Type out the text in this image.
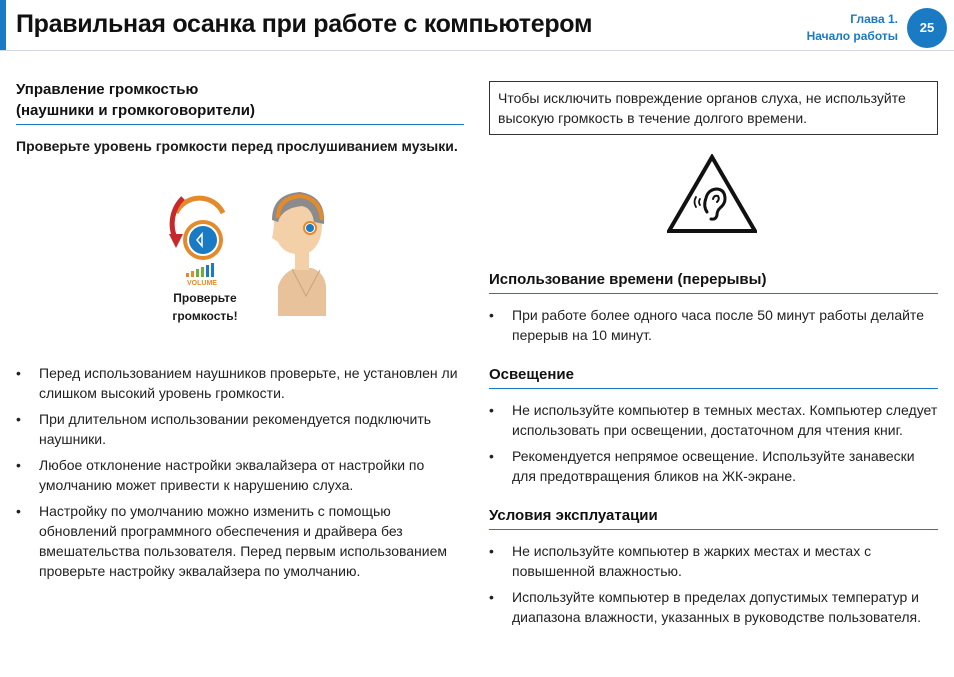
Правильная осанка при работе с компьютером	Глава 1.
Начало работы
25
Управление громкостью
(наушники и громкоговорители)

Проверьте уровень громкости перед прослушиванием музыки.

VOLUME
Проверьте
громкость!
• Перед использованием наушников проверьте, не установлен ли слишком высокий уровень громкости.
• При длительном использовании рекомендуется подключить наушники.
• Любое отклонение настройки эквалайзера от настройки по умолчанию может привести к нарушению слуха.
• Настройку по умолчанию можно изменить с помощью обновлений программного обеспечения и драйвера без вмешательства пользователя. Перед первым использованием проверьте настройку эквалайзера по умолчанию.
Чтобы исключить повреждение органов слуха, не используйте высокую громкость в течение долгого времени.
Использование времени (перерывы)
• При работе более одного часа после 50 минут работы делайте перерыв на 10 минут.
Освещение
• Не используйте компьютер в темных местах. Компьютер следует использовать при освещении, достаточном для чтения книг.
• Рекомендуется непрямое освещение. Используйте занавески для предотвращения бликов на ЖК-экране.
Условия эксплуатации
• Не используйте компьютер в жарких местах и местах с повышенной влажностью.
• Используйте компьютер в пределах допустимых температур и диапазона влажности, указанных в руководстве пользователя.
